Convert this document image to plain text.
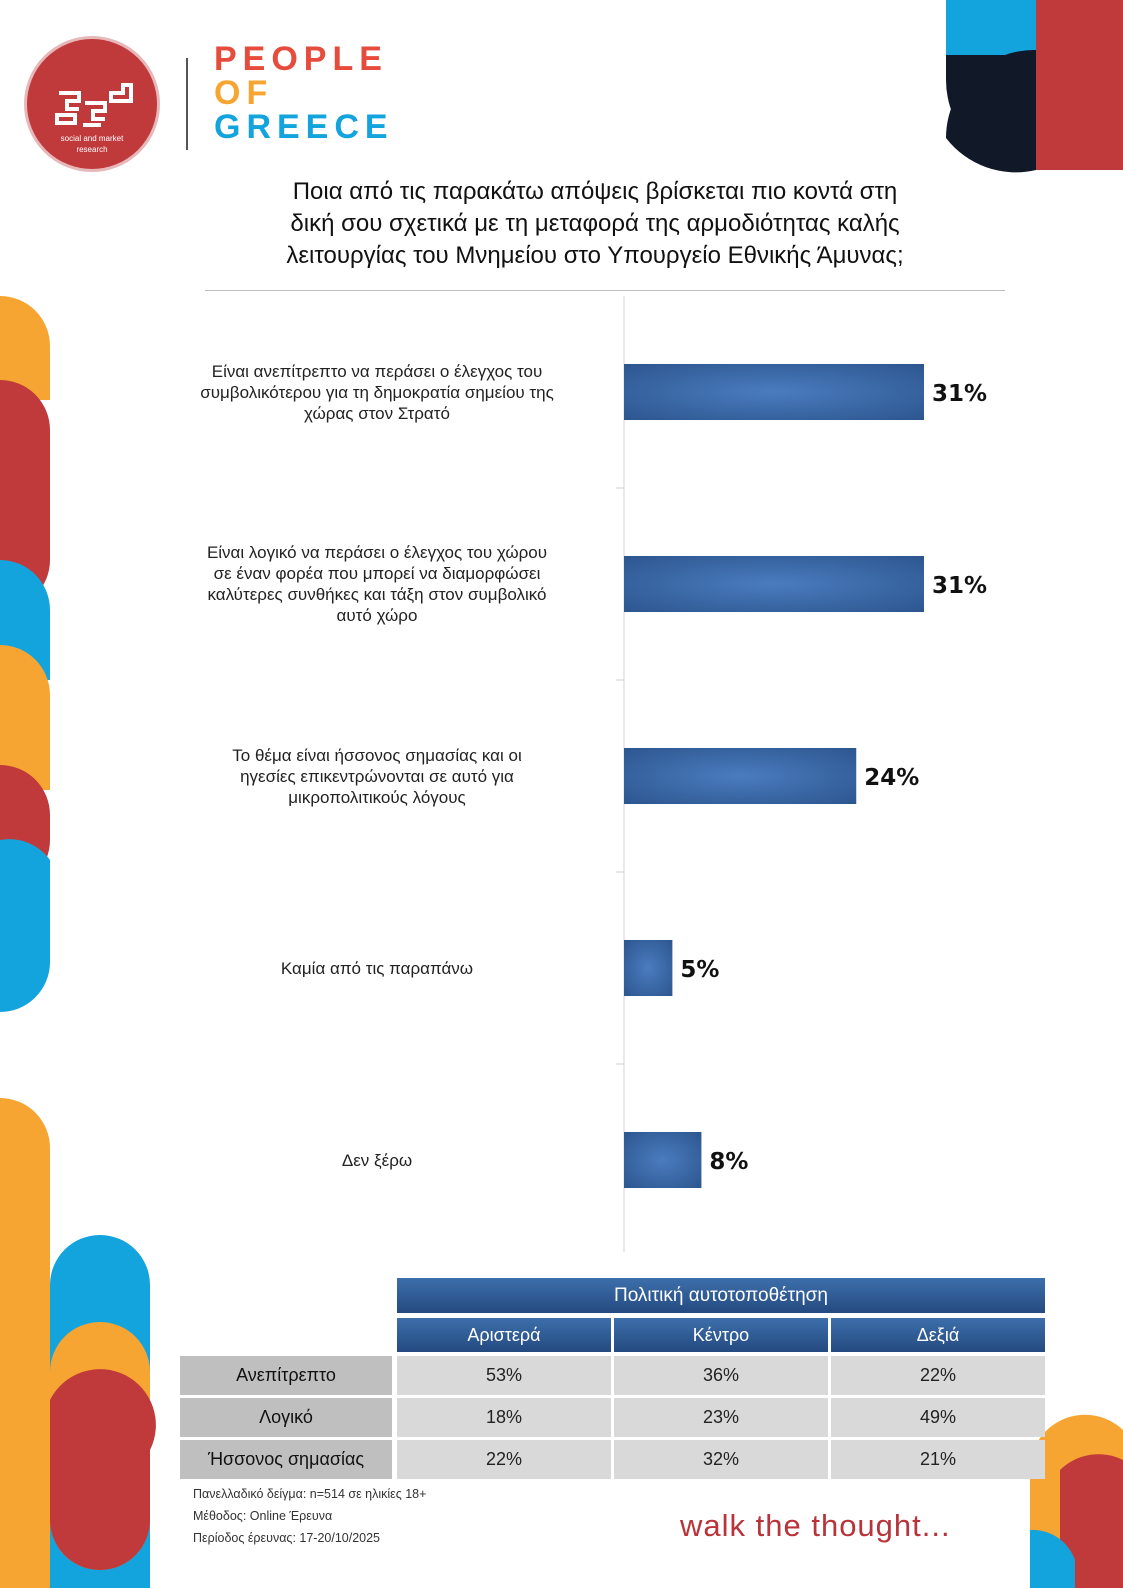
social and market research
PEOPLE
OF
GREECE
Ποια από τις παρακάτω απόψεις βρίσκεται πιο κοντά στη
δική σου σχετικά με τη μεταφορά της αρμοδιότητας καλής
λειτουργίας του Μνημείου στο Υπουργείο Εθνικής Άμυνας;
Είναι ανεπίτρεπτο να περάσει ο έλεγχος του
συμβολικότερου για τη δημοκρατία σημείου της
χώρας στον Στρατό
Είναι λογικό να περάσει ο έλεγχος του χώρου
σε έναν φορέα που μπορεί να διαμορφώσει
καλύτερες συνθήκες και τάξη στον συμβολικό
αυτό χώρο
Το θέμα είναι ήσσονος σημασίας και οι
ηγεσίες επικεντρώνονται σε αυτό για
μικροπολιτικούς λόγους
Καμία από τις παραπάνω
Δεν ξέρω
31%
31%
24%
5%
8%
Πολιτική αυτοτοποθέτηση
Αριστερά	Κέντρο	Δεξιά
Ανεπίτρεπτο	53%	36%	22%
Λογικό	18%	23%	49%
Ήσσονος σημασίας	22%	32%	21%
Πανελλαδικό δείγμα: n=514 σε ηλικίες 18+
Μέθοδος: Online Έρευνα
Περίοδος έρευνας: 17-20/10/2025	walk the thought...
